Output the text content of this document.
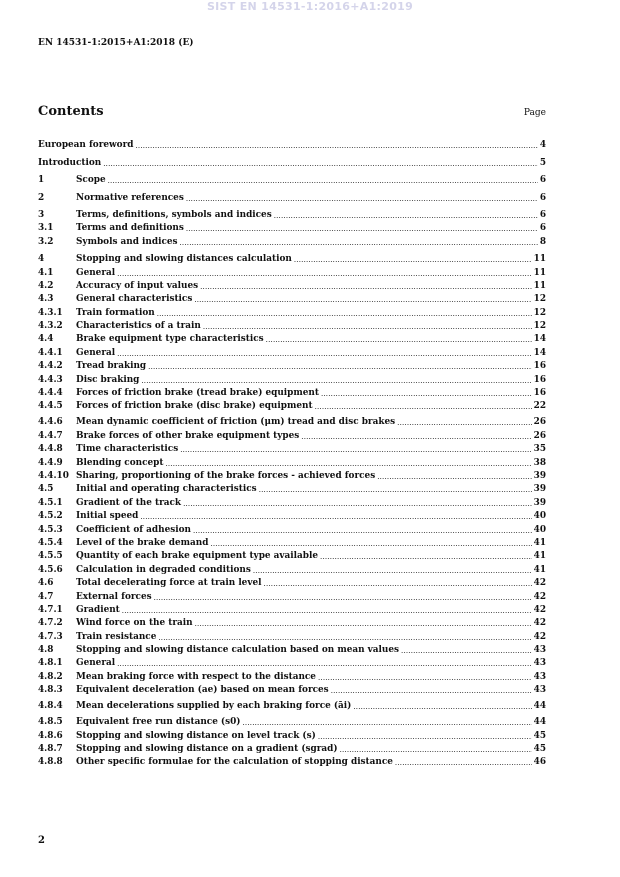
SIST EN 14531-1:2016+A1:2019
EN 14531-1:2015+A1:2018 (E)
Contents	Page
European foreword .....	4
Introduction .....	5
1	Scope .....	6
2	Normative references .....	6
3	Terms, definitions, symbols and indices .....	6
3.1	Terms and definitions .....	6
3.2	Symbols and indices .....	8
4	Stopping and slowing distances calculation .....	11
4.1	General .....	11
4.2	Accuracy of input values .....	11
4.3	General characteristics .....	12
4.3.1	Train formation .....	12
4.3.2	Characteristics of a train .....	12
4.4	Brake equipment type characteristics .....	14
4.4.1	General .....	14
4.4.2	Tread braking .....	16
4.4.3	Disc braking .....	16
4.4.4	Forces of friction brake (tread brake) equipment .....	16
4.4.5	Forces of friction brake (disc brake) equipment .....	22
4.4.6	Mean dynamic coefficient of friction (μm) tread and disc brakes .....	26
4.4.7	Brake forces of other brake equipment types .....	26
4.4.8	Time characteristics .....	35
4.4.9	Blending concept .....	38
4.4.10 Sharing, proportioning of the brake forces - achieved forces .....	39
4.5	Initial and operating characteristics .....	39
4.5.1	Gradient of the track .....	39
4.5.2	Initial speed .....	40
4.5.3	Coefficient of adhesion .....	40
4.5.4	Level of the brake demand .....	41
4.5.5	Quantity of each brake equipment type available .....	41
4.5.6	Calculation in degraded conditions .....	41
4.6	Total decelerating force at train level .....	42
4.7	External forces .....	42
4.7.1	Gradient .....	42
4.7.2	Wind force on the train .....	42
4.7.3	Train resistance .....	42
4.8	Stopping and slowing distance calculation based on mean values .....	43
4.8.1	General .....	43
4.8.2	Mean braking force with respect to the distance .....	43
4.8.3	Equivalent deceleration (ae) based on mean forces .....	43
4.8.4	Mean decelerations supplied by each braking force (āi) .....	44
4.8.5	Equivalent free run distance (s0) .....	44
4.8.6	Stopping and slowing distance on level track (s) .....	45
4.8.7	Stopping and slowing distance on a gradient (sgrad) .....	45
4.8.8	Other specific formulae for the calculation of stopping distance .....	46
2
